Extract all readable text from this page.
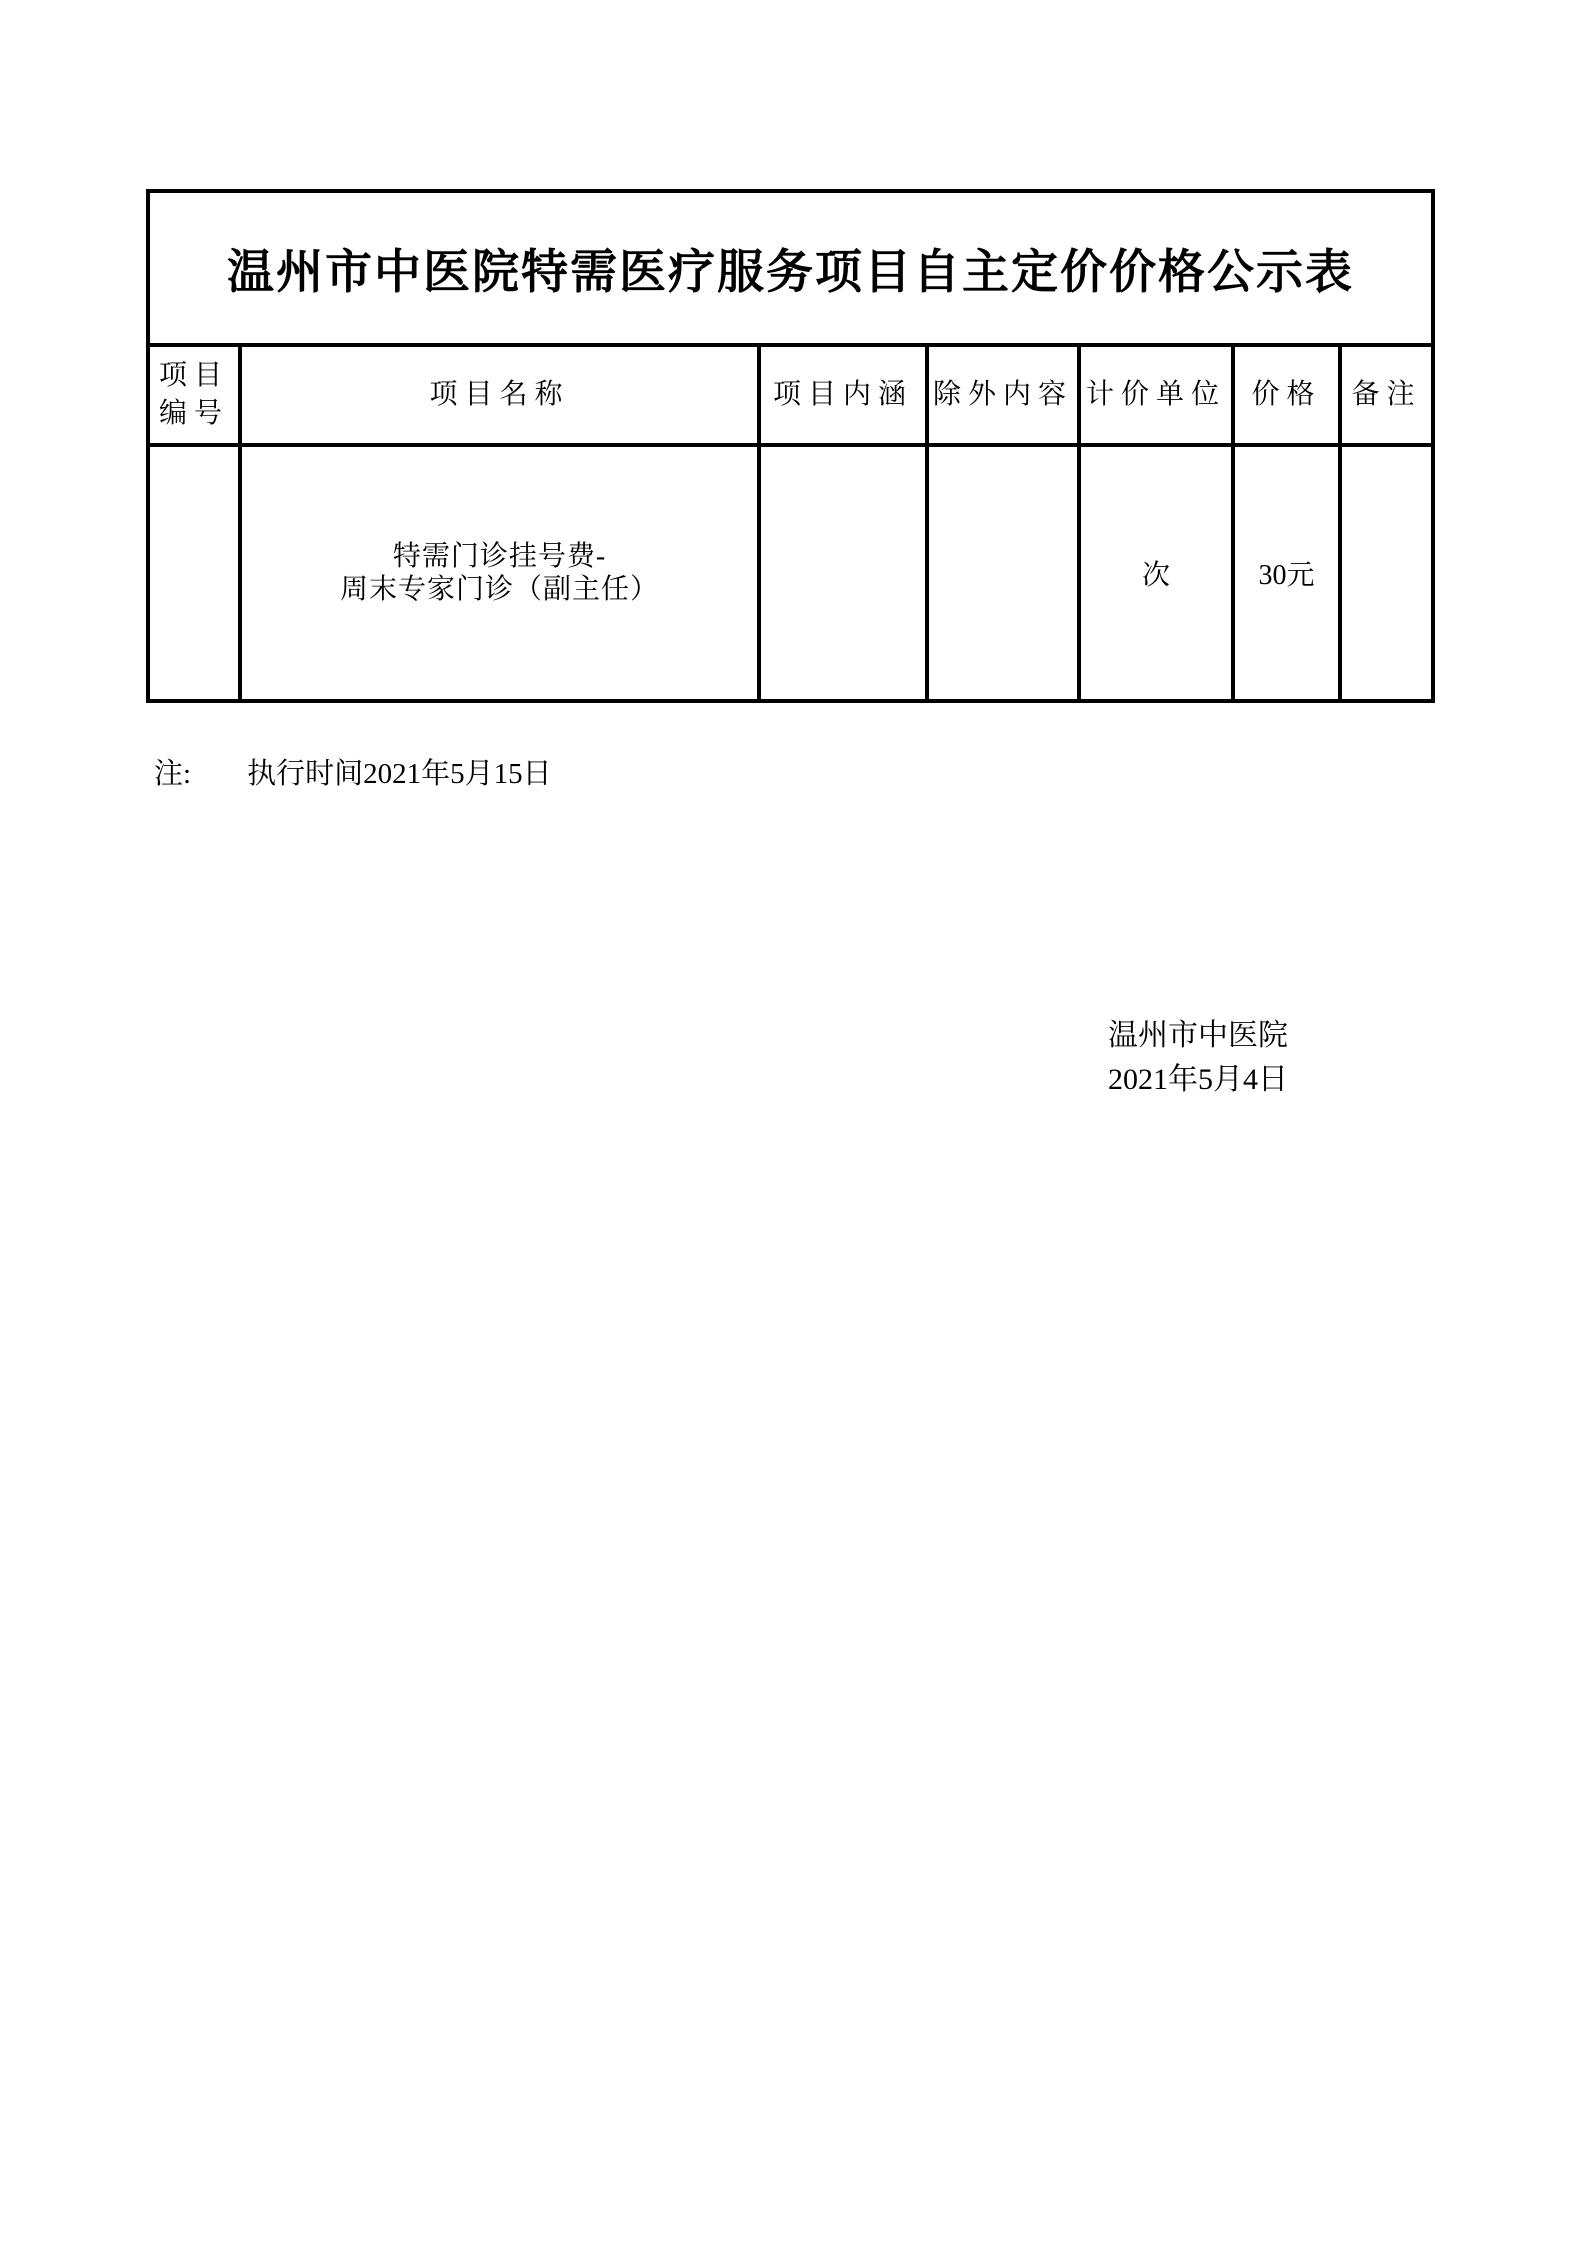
温州市中医院特需医疗服务项目自主定价价格公示表						
项目编号	项目名称	项目内涵	除外内容	计价单位	价格	备注

	特需门诊挂号费-
周末专家门诊（副主任）			次	30元	
注: 执行时间2021年5月15日
温州市中医院
2021年5月4日
